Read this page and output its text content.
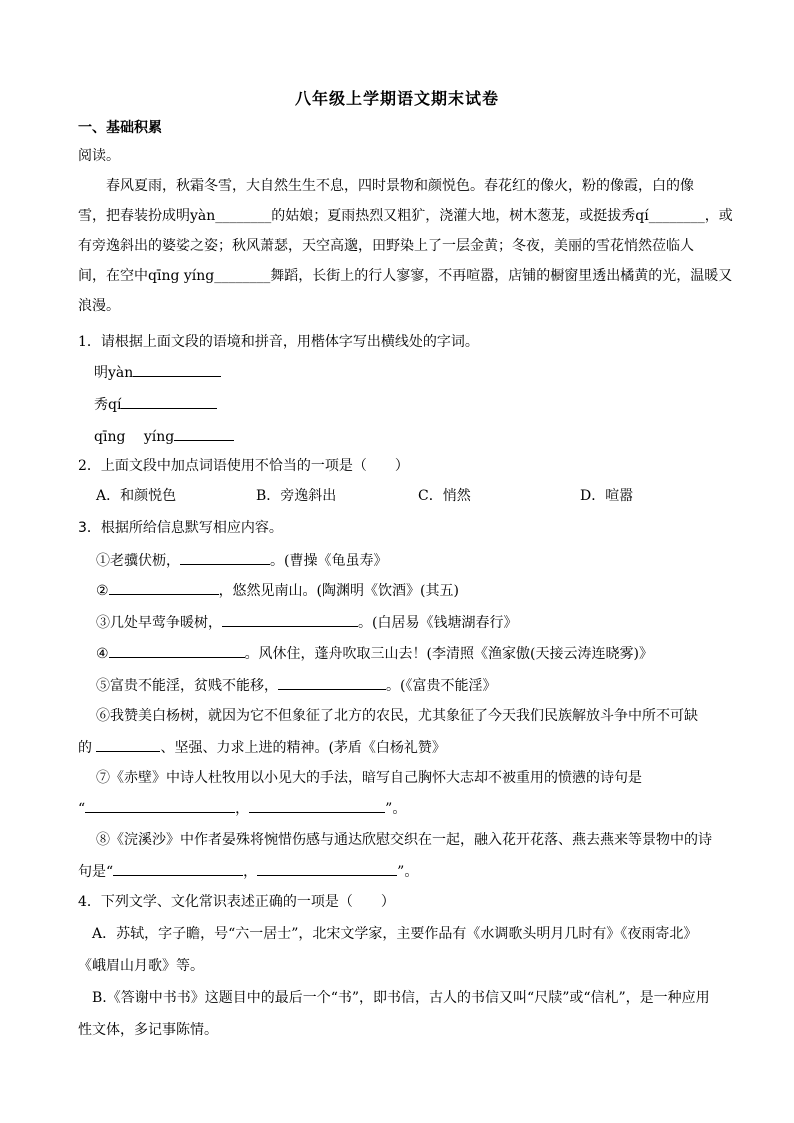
八年级上学期语文期末试卷
一、基础积累
阅读。
　　春风夏雨，秋霜冬雪，大自然生生不息，四时景物和颜悦色。春花红的像火，粉的像霞，白的像
雪，把春装扮成明yàn________的姑娘；夏雨热烈又粗犷，浇灌大地，树木葱茏，或挺拔秀qí________，或
有旁逸斜出的婆娑之姿；秋风萧瑟，天空高邈，田野染上了一层金黄；冬夜，美丽的雪花悄然莅临人
间，在空中qīng yíng________舞蹈，长街上的行人寥寥，不再喧嚣，店铺的橱窗里透出橘黄的光，温暖又
浪漫。
1．请根据上面文段的语境和拼音，用楷体字写出横线处的字词。
明yàn
秀qí
qīng　 yíng
2．上面文段中加点词语使用不恰当的一项是（　　）
A．和颜悦色	B．旁逸斜出	C．悄然	D．喧嚣
3．根据所给信息默写相应内容。
①老骥伏枥，	。(曹操《龟虽寿》
②	，悠然见南山。(陶渊明《饮酒》(其五)
③几处早莺争暖树，	。(白居易《钱塘湖春行》
④	。风休住，蓬舟吹取三山去！(李清照《渔家傲(天接云涛连晓雾)》
⑤富贵不能淫，贫贱不能移，	。(《富贵不能淫》
⑥我赞美白杨树，就因为它不但象征了北方的农民，尤其象征了今天我们民族解放斗争中所不可缺
的	、坚强、力求上进的精神。(茅盾《白杨礼赞》
⑦《赤壁》中诗人杜牧用以小见大的手法，暗写自己胸怀大志却不被重用的愤懑的诗句是
“	，	”。
⑧《浣溪沙》中作者晏殊将惋惜伤感与通达欣慰交织在一起，融入花开花落、燕去燕来等景物中的诗
句是“	，	”。
4．下列文学、文化常识表述正确的一项是（　　）
　A．苏轼，字子瞻，号“六一居士”，北宋文学家，主要作品有《水调歌头明月几时有》《夜雨寄北》
《峨眉山月歌》等。
　B.《答谢中书书》这题目中的最后一个“书”，即书信，古人的书信又叫“尺牍”或“信札”，是一种应用
性文体，多记事陈情。
